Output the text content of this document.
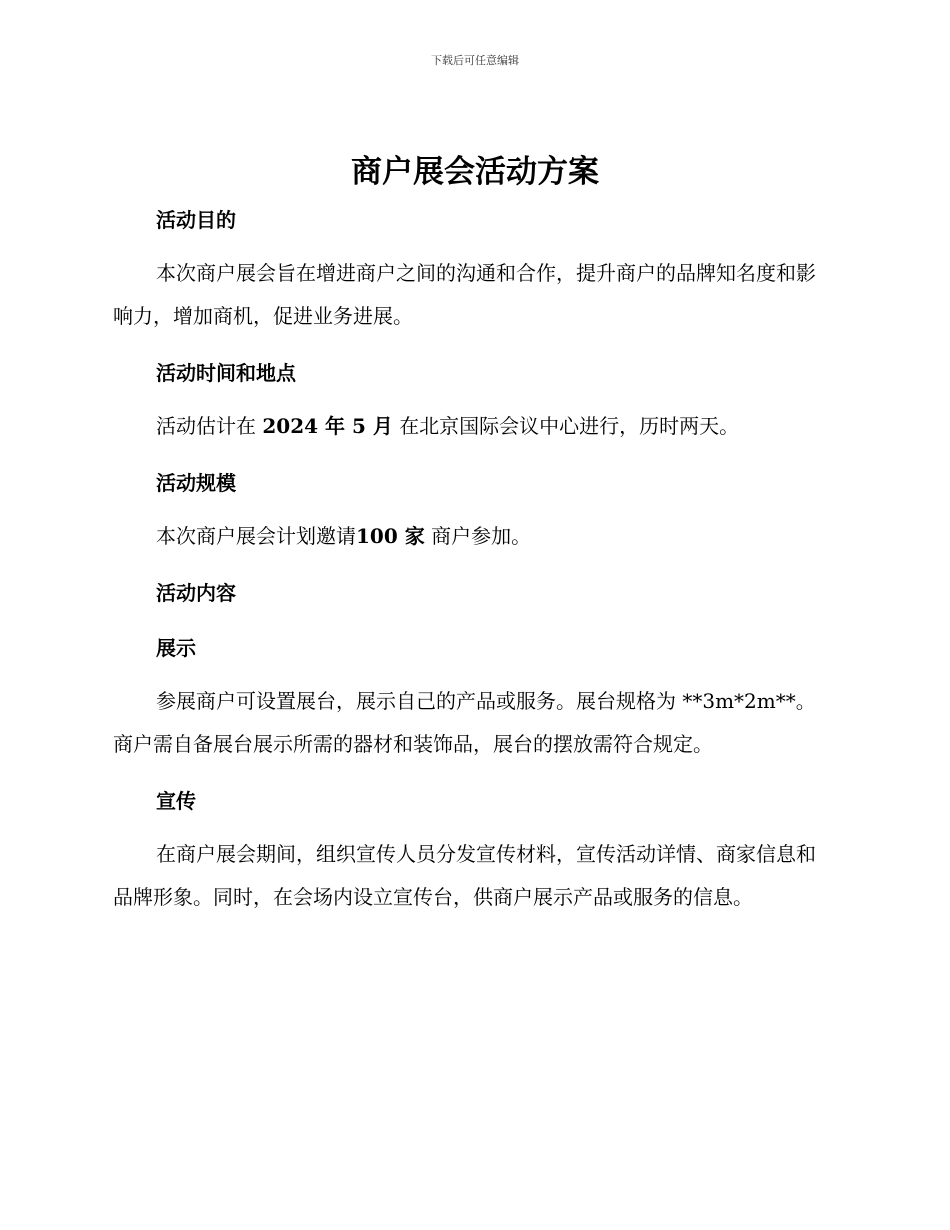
下载后可任意编辑
商户展会活动方案
活动目的

本次商户展会旨在增进商户之间的沟通和合作，提升商户的品牌知名度和影响力，增加商机，促进业务进展。

活动时间和地点

活动估计在 2024 年 5 月 在北京国际会议中心进行，历时两天。

活动规模

本次商户展会计划邀请100 家 商户参加。

活动内容
展示

参展商户可设置展台，展示自己的产品或服务。展台规格为 **3m*2m**。商户需自备展台展示所需的器材和装饰品，展台的摆放需符合规定。

宣传

在商户展会期间，组织宣传人员分发宣传材料，宣传活动详情、商家信息和品牌形象。同时，在会场内设立宣传台，供商户展示产品或服务的信息。
